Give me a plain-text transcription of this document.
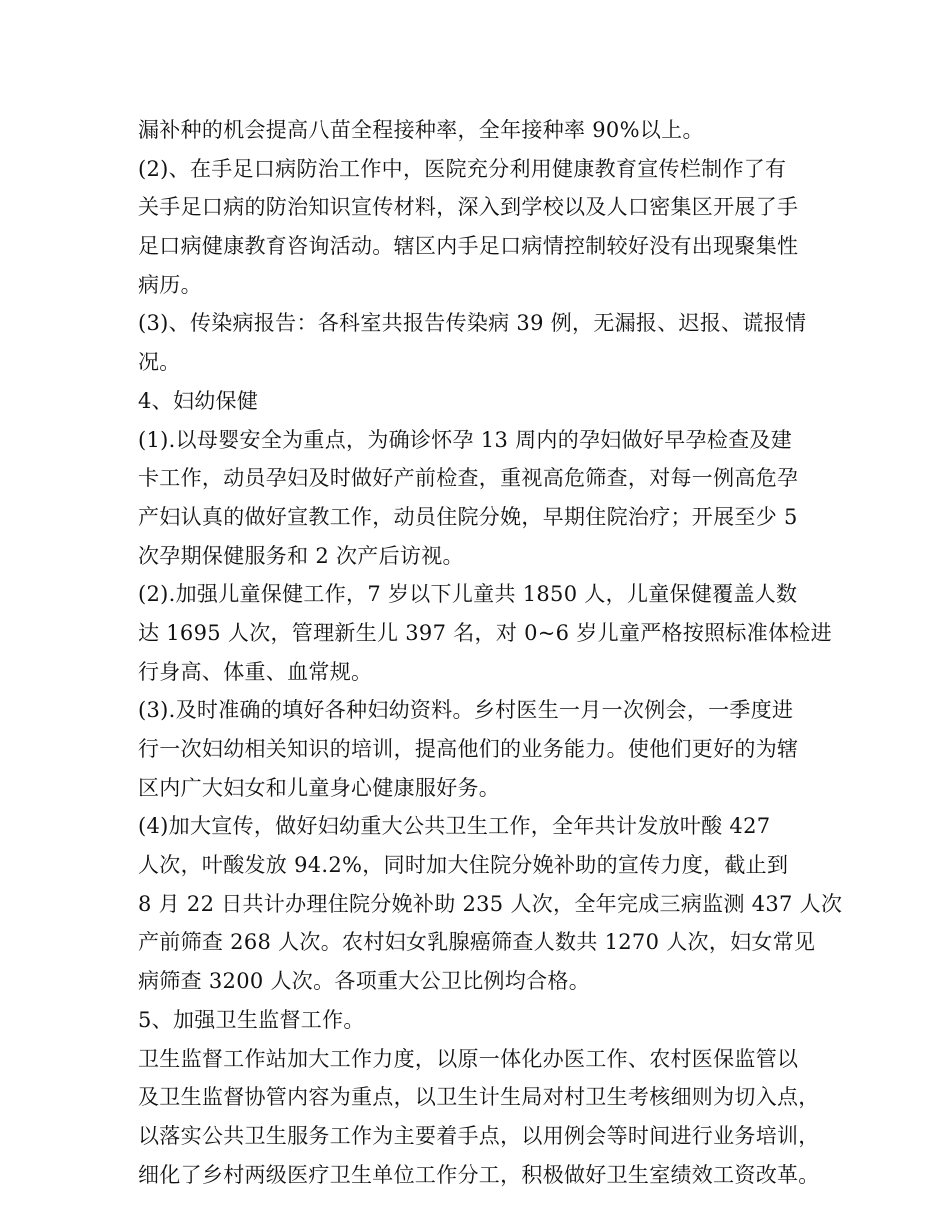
漏补种的机会提高八苗全程接种率，全年接种率 90%以上。
(2)、在手足口病防治工作中，医院充分利用健康教育宣传栏制作了有
关手足口病的防治知识宣传材料，深入到学校以及人口密集区开展了手
足口病健康教育咨询活动。辖区内手足口病情控制较好没有出现聚集性
病历。
(3)、传染病报告：各科室共报告传染病 39 例，无漏报、迟报、谎报情
况。
4、妇幼保健
(1).以母婴安全为重点，为确诊怀孕 13 周内的孕妇做好早孕检查及建
卡工作，动员孕妇及时做好产前检查，重视高危筛查，对每一例高危孕
产妇认真的做好宣教工作，动员住院分娩，早期住院治疗；开展至少 5
次孕期保健服务和 2 次产后访视。
(2).加强儿童保健工作，7 岁以下儿童共 1850 人，儿童保健覆盖人数
达 1695 人次，管理新生儿 397 名，对 0~6 岁儿童严格按照标准体检进
行身高、体重、血常规。
(3).及时准确的填好各种妇幼资料。乡村医生一月一次例会，一季度进
行一次妇幼相关知识的培训，提高他们的业务能力。使他们更好的为辖
区内广大妇女和儿童身心健康服好务。
(4)加大宣传，做好妇幼重大公共卫生工作，全年共计发放叶酸 427
人次，叶酸发放 94.2%，同时加大住院分娩补助的宣传力度，截止到
8 月 22 日共计办理住院分娩补助 235 人次，全年完成三病监测 437 人次
产前筛查 268 人次。农村妇女乳腺癌筛查人数共 1270 人次，妇女常见
病筛查 3200 人次。各项重大公卫比例均合格。
5、加强卫生监督工作。
卫生监督工作站加大工作力度，以原一体化办医工作、农村医保监管以
及卫生监督协管内容为重点，以卫生计生局对村卫生考核细则为切入点，
以落实公共卫生服务工作为主要着手点，以用例会等时间进行业务培训，
细化了乡村两级医疗卫生单位工作分工，积极做好卫生室绩效工资改革。
